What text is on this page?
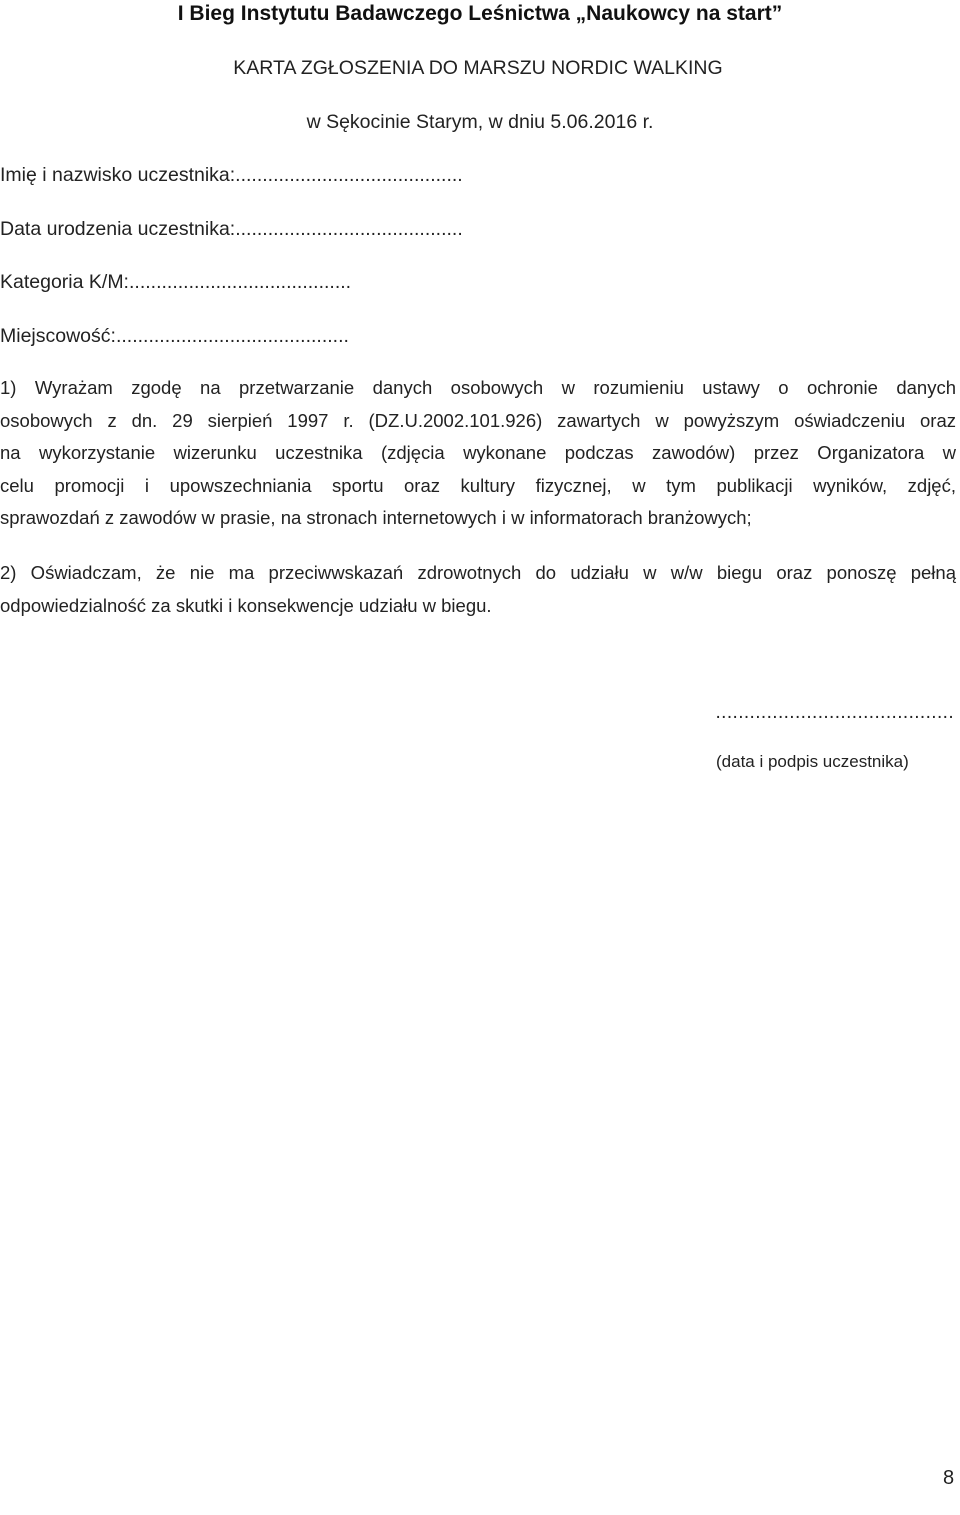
I Bieg Instytutu Badawczego Leśnictwa „Naukowcy na start”
KARTA ZGŁOSZENIA DO MARSZU NORDIC WALKING
w Sękocinie Starym, w dniu 5.06.2016 r.
Imię i nazwisko uczestnika:..........................................
Data urodzenia uczestnika:..........................................
Kategoria K/M:.........................................
Miejscowość:...........................................
1) Wyrażam zgodę na przetwarzanie danych osobowych w rozumieniu ustawy o ochronie danych
osobowych z dn. 29 sierpień 1997 r. (DZ.U.2002.101.926) zawartych w powyższym oświadczeniu oraz
na wykorzystanie wizerunku uczestnika (zdjęcia wykonane podczas zawodów) przez Organizatora w
celu promocji i upowszechniania sportu oraz kultury fizycznej, w tym publikacji wyników, zdjęć,
sprawozdań z zawodów w prasie, na stronach internetowych i w informatorach branżowych;
2) Oświadczam, że nie ma przeciwwskazań zdrowotnych do udziału w w/w biegu oraz ponoszę pełną
odpowiedzialność za skutki i konsekwencje udziału w biegu.
..........................................
(data i podpis uczestnika)
8
